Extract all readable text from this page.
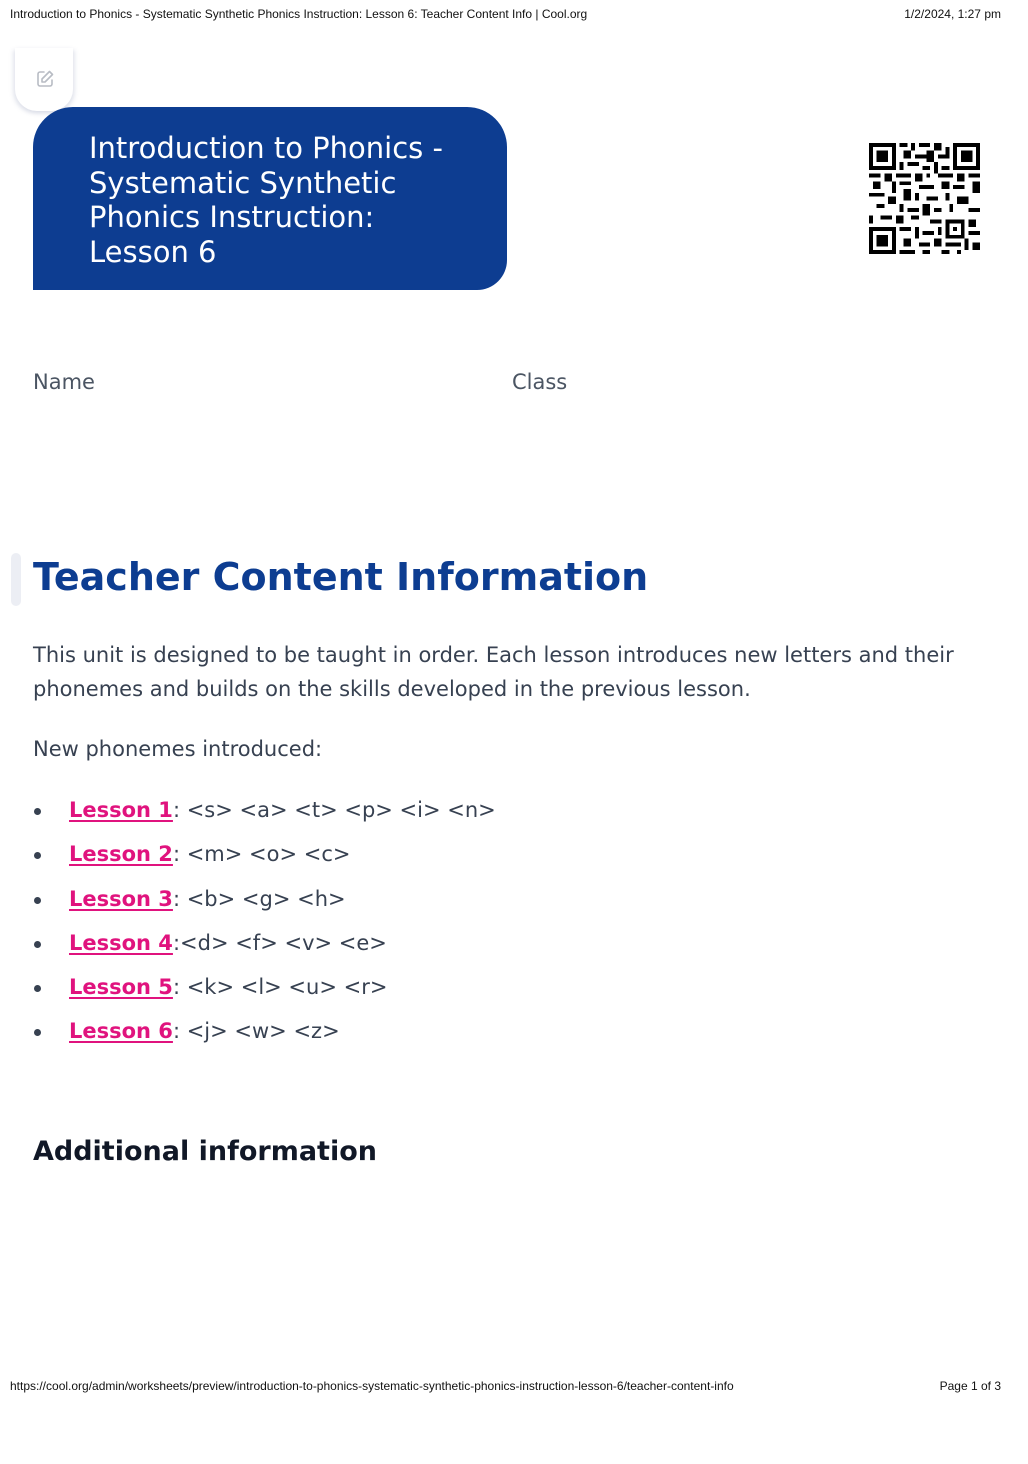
Introduction to Phonics - Systematic Synthetic Phonics Instruction: Lesson 6: Teacher Content Info | Cool.org	1/2/2024, 1:27 pm
Introduction to Phonics - Systematic Synthetic Phonics Instruction: Lesson 6
Name	Class
Teacher Content Information

This unit is designed to be taught in order. Each lesson introduces new letters and their phonemes and builds on the skills developed in the previous lesson.

New phonemes introduced:

Lesson 1: <s> <a> <t> <p> <i> <n>
Lesson 2: <m> <o> <c>
Lesson 3: <b> <g> <h>
Lesson 4:<d> <f> <v> <e>
Lesson 5: <k> <l> <u> <r>
Lesson 6: <j> <w> <z>
Additional information
https://cool.org/admin/worksheets/preview/introduction-to-phonics-systematic-synthetic-phonics-instruction-lesson-6/teacher-content-info	Page 1 of 3
